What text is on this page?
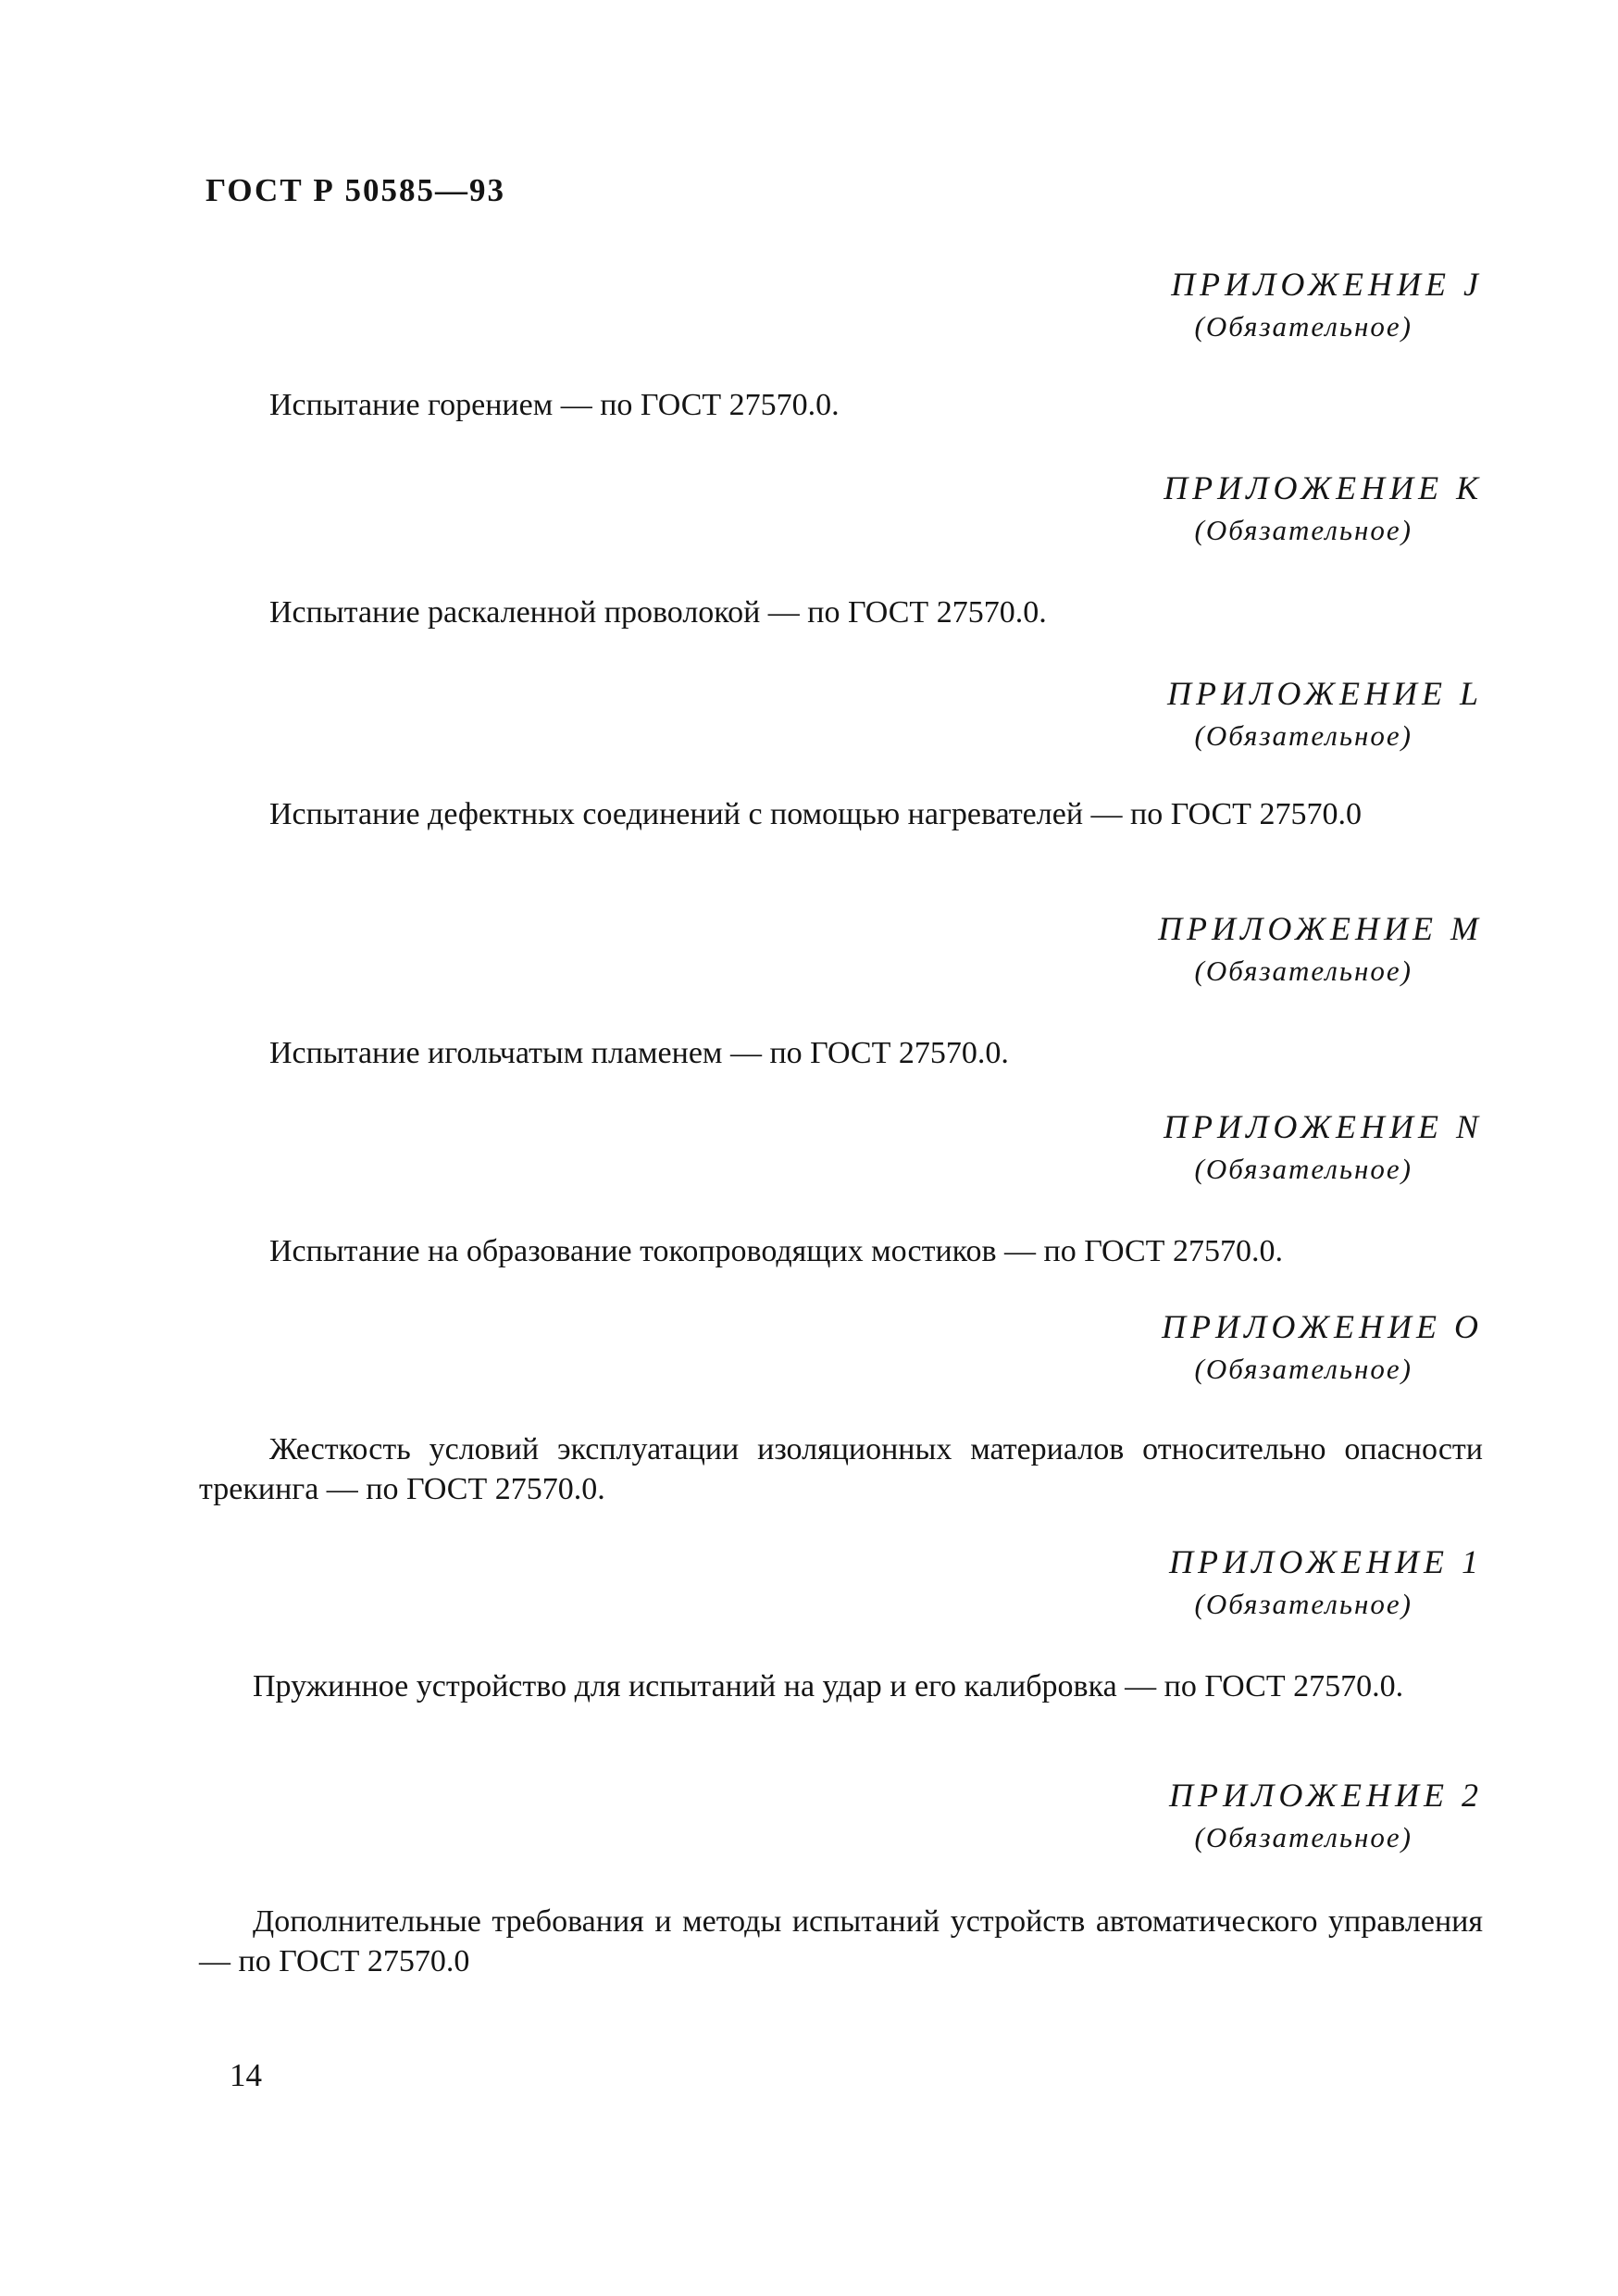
ГОСТ Р 50585—93
ПРИЛОЖЕНИЕ J
(Обязательное)

Испытание горением — по ГОСТ 27570.0.

ПРИЛОЖЕНИЕ К
(Обязательное)

Испытание раскаленной проволокой — по ГОСТ 27570.0.

ПРИЛОЖЕНИЕ L
(Обязательное)

Испытание дефектных соединений с помощью нагревателей — по ГОСТ 27570.0

ПРИЛОЖЕНИЕ М
(Обязательное)

Испытание игольчатым пламенем — по ГОСТ 27570.0.

ПРИЛОЖЕНИЕ N
(Обязательное)

Испытание на образование токопроводящих мостиков — по ГОСТ 27570.0.

ПРИЛОЖЕНИЕ О
(Обязательное)

Жесткость условий эксплуатации изоляционных материалов относительно опасности трекинга — по ГОСТ 27570.0.

ПРИЛОЖЕНИЕ 1
(Обязательное)

Пружинное устройство для испытаний на удар и его калибровка — по ГОСТ 27570.0.

ПРИЛОЖЕНИЕ 2
(Обязательное)

Дополнительные требования и методы испытаний устройств автоматического управления — по ГОСТ 27570.0

14
